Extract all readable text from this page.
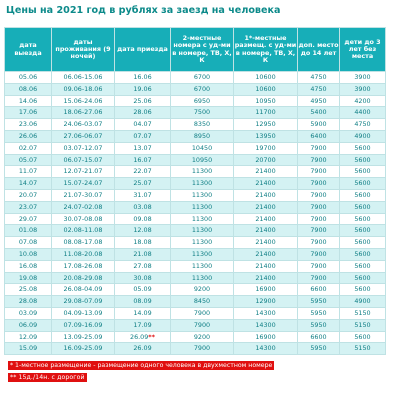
Цены на 2021 год в рублях за заезд на человека
дата выезда	даты проживания (9 ночей)	дата приезда	2-местные номера с уд-ми в номере, ТВ, Х, К	1*-местные размещ. с уд-ми в номере, ТВ, Х, К	доп. место до 14 лет	дети до 3 лет без места
05.06	06.06-15.06	16.06	6700	10600	4750	3900
08.06	09.06-18.06	19.06	6700	10600	4750	3900
14.06	15.06-24.06	25.06	6950	10950	4950	4200
17.06	18.06-27.06	28.06	7500	11700	5400	4400
23.06	24.06-03.07	04.07	8350	12950	5900	4750
26.06	27.06-06.07	07.07	8950	13950	6400	4900
02.07	03.07-12.07	13.07	10450	19700	7900	5600
05.07	06.07-15.07	16.07	10950	20700	7900	5600
11.07	12.07-21.07	22.07	11300	21400	7900	5600
14.07	15.07-24.07	25.07	11300	21400	7900	5600
20.07	21.07-30.07	31.07	11300	21400	7900	5600
23.07	24.07-02.08	03.08	11300	21400	7900	5600
29.07	30.07-08.08	09.08	11300	21400	7900	5600
01.08	02.08-11.08	12.08	11300	21400	7900	5600
07.08	08.08-17.08	18.08	11300	21400	7900	5600
10.08	11.08-20.08	21.08	11300	21400	7900	5600
16.08	17.08-26.08	27.08	11300	21400	7900	5600
19.08	20.08-29.08	30.08	11300	21400	7900	5600
25.08	26.08-04.09	05.09	9200	16900	6600	5600
28.08	29.08-07.09	08.09	8450	12900	5950	4900
03.09	04.09-13.09	14.09	7900	14300	5950	5150
06.09	07.09-16.09	17.09	7900	14300	5950	5150
12.09	13.09-25.09	26.09**	9200	16900	6600	5600
15.09	16.09-25.09	26.09	7900	14300	5950	5150
* 1-местное размещение - размещение одного человека в двухместном номере
** 15д./14н. с дорогой
